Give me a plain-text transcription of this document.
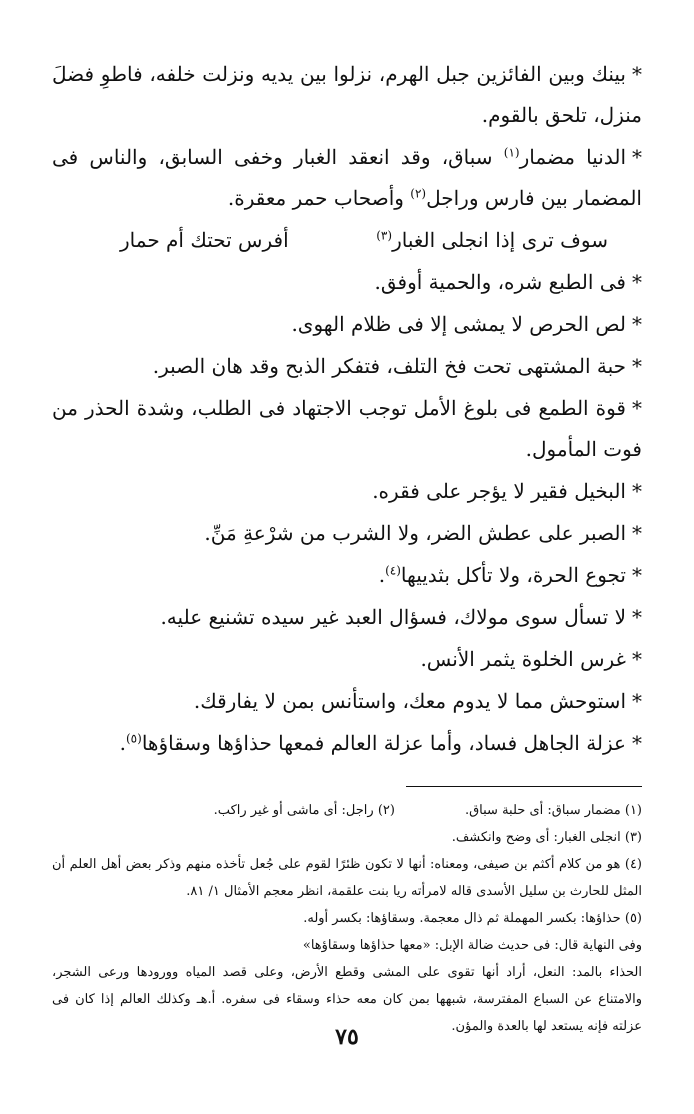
*بينك وبين الفائزين جبل الهرم، نزلوا بين يديه ونزلت خلفه، فاطوِ فضلَ منزل، تلحق بالقوم.

*الدنيا مضمار$^{(١)}$ سباق، وقد انعقد الغبار وخفى السابق، والناس فى المضمار بين فارس وراجل$^{(٢)}$ وأصحاب حمر معقرة.

سوف ترى إذا انجلى الغبار$^{(٣)}$
أفرس تحتك أم حمار

*فى الطبع شره، والحمية أوفق.

*لص الحرص لا يمشى إلا فى ظلام الهوى.

*حبة المشتهى تحت فخ التلف، فتفكر الذبح وقد هان الصبر.

*قوة الطمع فى بلوغ الأمل توجب الاجتهاد فى الطلب، وشدة الحذر من فوت المأمول.

*البخيل فقير لا يؤجر على فقره.

*الصبر على عطش الضر، ولا الشرب من شرْعةِ مَنِّ.

*تجوع الحرة، ولا تأكل بثدييها$^{(٤)}$.

*لا تسأل سوى مولاك، فسؤال العبد غير سيده تشنيع عليه.

*غرس الخلوة يثمر الأنس.

*استوحش مما لا يدوم معك، واستأنس بمن لا يفارقك.

*عزلة الجاهل فساد، وأما عزلة العالم فمعها حذاؤها وسقاؤها$^{(٥)}$.

(١) مضمار سباق: أى حلبة سباق.
(٢) راجل: أى ماشى أو غير راكب.
(٣) انجلى الغبار: أى وضح وانكشف.
(٤) هو من كلام أكثم بن صيفى، ومعناه: أنها لا تكون ظئرًا لقوم على جُعل تأخذه منهم وذكر بعض أهل العلم أن المثل للحارث بن سليل الأسدى قاله لامرأته ريا بنت علقمة، انظر معجم الأمثال ١/ ٨١.
(٥) حذاؤها: بكسر المهملة ثم ذال معجمة. وسقاؤها: بكسر أوله.
وفى النهاية قال: فى حديث ضالة الإبل: «معها حذاؤها وسقاؤها»
الحذاء بالمد: النعل، أراد أنها تقوى على المشى وقطع الأرض، وعلى قصد المياه وورودها ورعى الشجر، والامتناع عن السباع المفترسة، شبهها بمن كان معه حذاء وسقاء فى سفره. أ.هـ وكذلك العالم إذا كان فى عزلته فإنه يستعد لها بالعدة والمؤن.
٧٥
